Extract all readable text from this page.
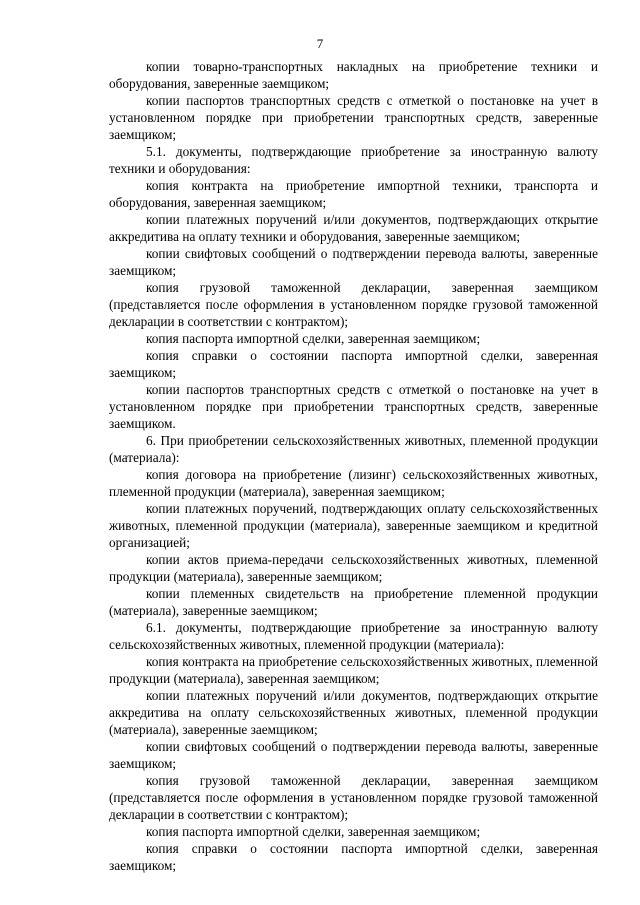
7

копии товарно-транспортных накладных на приобретение техники и оборудования, заверенные заемщиком;

копии паспортов транспортных средств с отметкой о постановке на учет в установленном порядке при приобретении транспортных средств, заверенные заемщиком;

5.1. документы, подтверждающие приобретение за иностранную валюту техники и оборудования:

копия контракта на приобретение импортной техники, транспорта и оборудования, заверенная заемщиком;

копии платежных поручений и/или документов, подтверждающих открытие аккредитива на оплату техники и оборудования, заверенные заемщиком;

копии свифтовых сообщений о подтверждении перевода валюты, заверенные заемщиком;

копия грузовой таможенной декларации, заверенная заемщиком (представляется после оформления в установленном порядке грузовой таможенной декларации в соответствии с контрактом);

копия паспорта импортной сделки, заверенная заемщиком;

копия справки о состоянии паспорта импортной сделки, заверенная заемщиком;

копии паспортов транспортных средств с отметкой о постановке на учет в установленном порядке при приобретении транспортных средств, заверенные заемщиком.

6. При приобретении сельскохозяйственных животных, племенной продукции (материала):

копия договора на приобретение (лизинг) сельскохозяйственных животных, племенной продукции (материала), заверенная заемщиком;

копии платежных поручений, подтверждающих оплату сельскохозяйственных животных, племенной продукции (материала), заверенные заемщиком и кредитной организацией;

копии актов приема-передачи сельскохозяйственных животных, племенной продукции (материала), заверенные заемщиком;

копии племенных свидетельств на приобретение племенной продукции (материала), заверенные заемщиком;

6.1. документы, подтверждающие приобретение за иностранную валюту сельскохозяйственных животных, племенной продукции (материала):

копия контракта на приобретение сельскохозяйственных животных, племенной продукции (материала), заверенная заемщиком;

копии платежных поручений и/или документов, подтверждающих открытие аккредитива на оплату сельскохозяйственных животных, племенной продукции (материала), заверенные заемщиком;

копии свифтовых сообщений о подтверждении перевода валюты, заверенные заемщиком;

копия грузовой таможенной декларации, заверенная заемщиком (представляется после оформления в установленном порядке грузовой таможенной декларации в соответствии с контрактом);

копия паспорта импортной сделки, заверенная заемщиком;

копия справки о состоянии паспорта импортной сделки, заверенная заемщиком;
